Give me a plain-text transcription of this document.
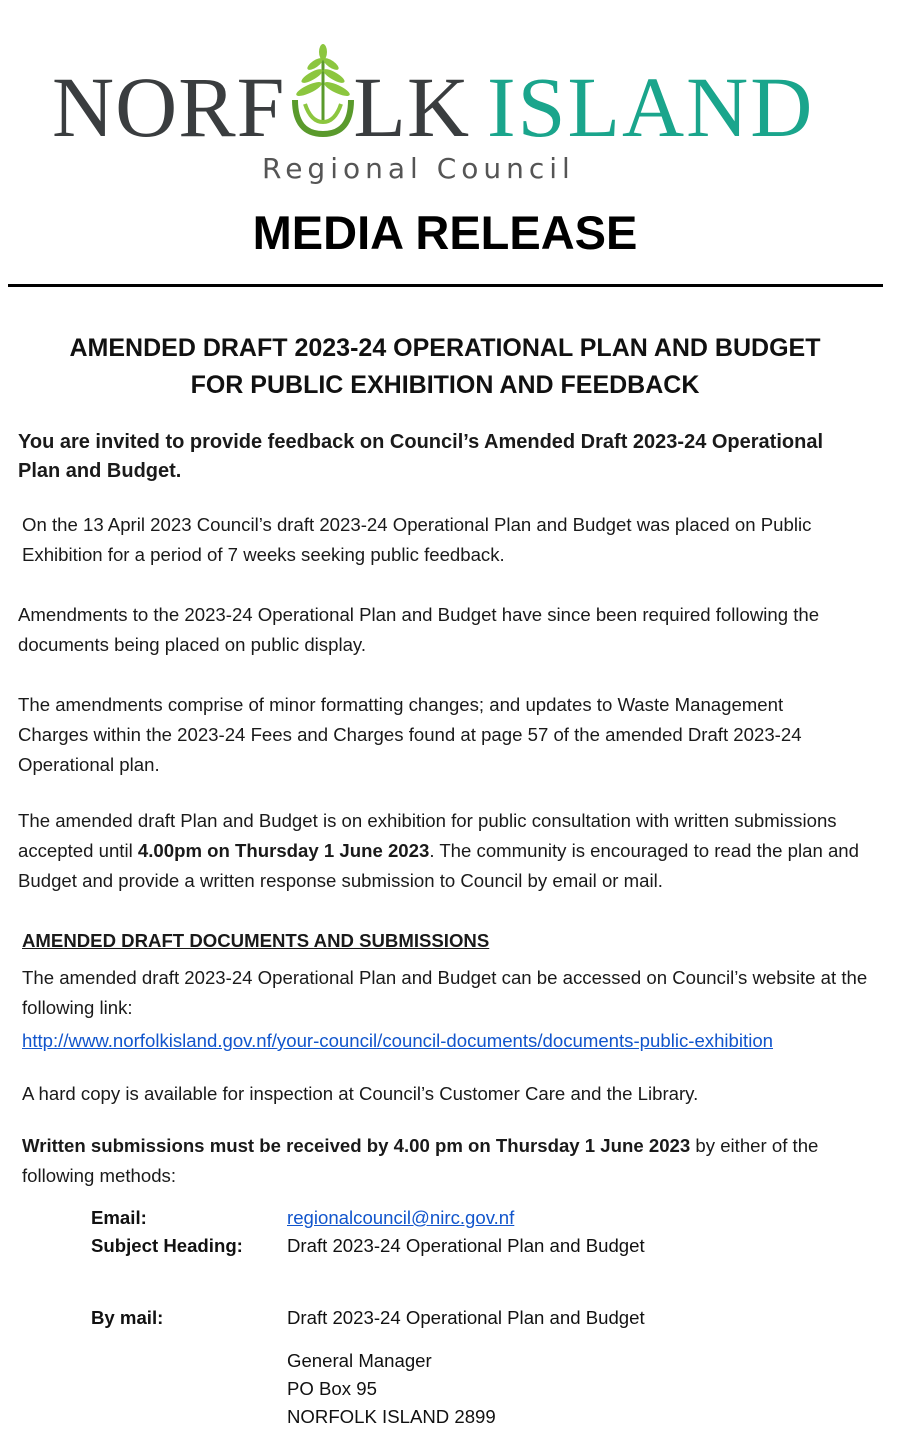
NORF LK ISLAND
Regional Council
MEDIA RELEASE
AMENDED DRAFT 2023-24 OPERATIONAL PLAN AND BUDGET
FOR PUBLIC EXHIBITION AND FEEDBACK
You are invited to provide feedback on Council’s Amended Draft 2023-24 Operational Plan and Budget.
On the 13 April 2023 Council’s draft 2023-24 Operational Plan and Budget was placed on Public Exhibition for a period of 7 weeks seeking public feedback.
Amendments to the 2023-24 Operational Plan and Budget have since been required following the documents being placed on public display.
The amendments comprise of minor formatting changes; and updates to Waste Management Charges within the 2023-24 Fees and Charges found at page 57 of the amended Draft 2023-24 Operational plan.
The amended draft Plan and Budget is on exhibition for public consultation with written submissions accepted until 4.00pm on Thursday 1 June 2023. The community is encouraged to read the plan and Budget and provide a written response submission to Council by email or mail.
AMENDED DRAFT DOCUMENTS AND SUBMISSIONS
The amended draft 2023-24 Operational Plan and Budget can be accessed on Council’s website at the following link:
http://www.norfolkisland.gov.nf/your-council/council-documents/documents-public-exhibition
A hard copy is available for inspection at Council’s Customer Care and the Library.
Written submissions must be received by 4.00 pm on Thursday 1 June 2023 by either of the following methods:
Email:	regionalcouncil@nirc.gov.nf
Subject Heading: Draft 2023-24 Operational Plan and Budget
By mail:	Draft 2023-24 Operational Plan and Budget
General Manager
PO Box 95
NORFOLK ISLAND 2899
